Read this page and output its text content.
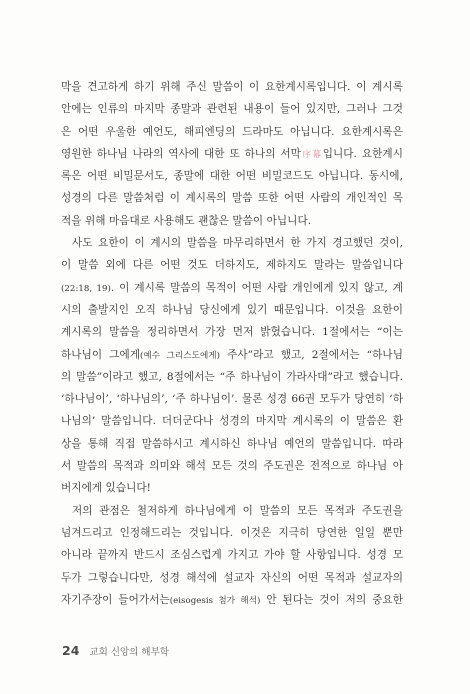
막을 견고하게 하기 위해 주신 말씀이 이 요한계시록입니다. 이 계시록
안에는 인류의 마지막 종말과 관련된 내용이 들어 있지만, 그러나 그것
은 어떤 우울한 예언도, 해피엔딩의 드라마도 아닙니다. 요한계시록은
영원한 하나님 나라의 역사에 대한 또 하나의 서막序幕입니다. 요한계시
록은 어떤 비밀문서도, 종말에 대한 어떤 비밀코드도 아닙니다. 동시에,
성경의 다른 말씀처럼 이 계시록의 말씀 또한 어떤 사람의 개인적인 목
적을 위해 마음대로 사용해도 괜찮은 말씀이 아닙니다.
사도 요한이 이 계시의 말씀을 마무리하면서 한 가지 경고했던 것이,
이 말씀 외에 다른 어떤 것도 더하지도, 제하지도 말라는 말씀입니다
(22:18, 19). 이 계시록 말씀의 목적이 어떤 사람 개인에게 있지 않고, 계
시의 출발지인 오직 하나님 당신에게 있기 때문입니다. 이것을 요한이
계시록의 말씀을 정리하면서 가장 먼저 밝혔습니다. 1절에서는 “이는
하나님이 그에게(예수 그리스도에게) 주사”라고 했고, 2절에서는 “하나님
의 말씀”이라고 했고, 8절에서는 “주 하나님이 가라사대”라고 했습니다.
‘하나님이’, ‘하나님의’, ‘주 하나님이’. 물론 성경 66권 모두가 당연히 ‘하
나님의’ 말씀입니다. 더더군다나 성경의 마지막 계시록의 이 말씀은 환
상을 통해 직접 말씀하시고 계시하신 하나님 예언의 말씀입니다. 따라
서 말씀의 목적과 의미와 해석 모든 것의 주도권은 전적으로 하나님 아
버지에게 있습니다!
저의 관점은 철저하게 하나님에게 이 말씀의 모든 목적과 주도권을
넘겨드리고 인정해드리는 것입니다. 이것은 지극히 당연한 일일 뿐만
아니라 끝까지 반드시 조심스럽게 가지고 가야 할 사항입니다. 성경 모
두가 그렇습니다만, 성경 해석에 설교자 자신의 어떤 목적과 설교자의
자기주장이 들어가서는(eisogesis 첨가 해석) 안 된다는 것이 저의 중요한
24 교회 신앙의 해부학
